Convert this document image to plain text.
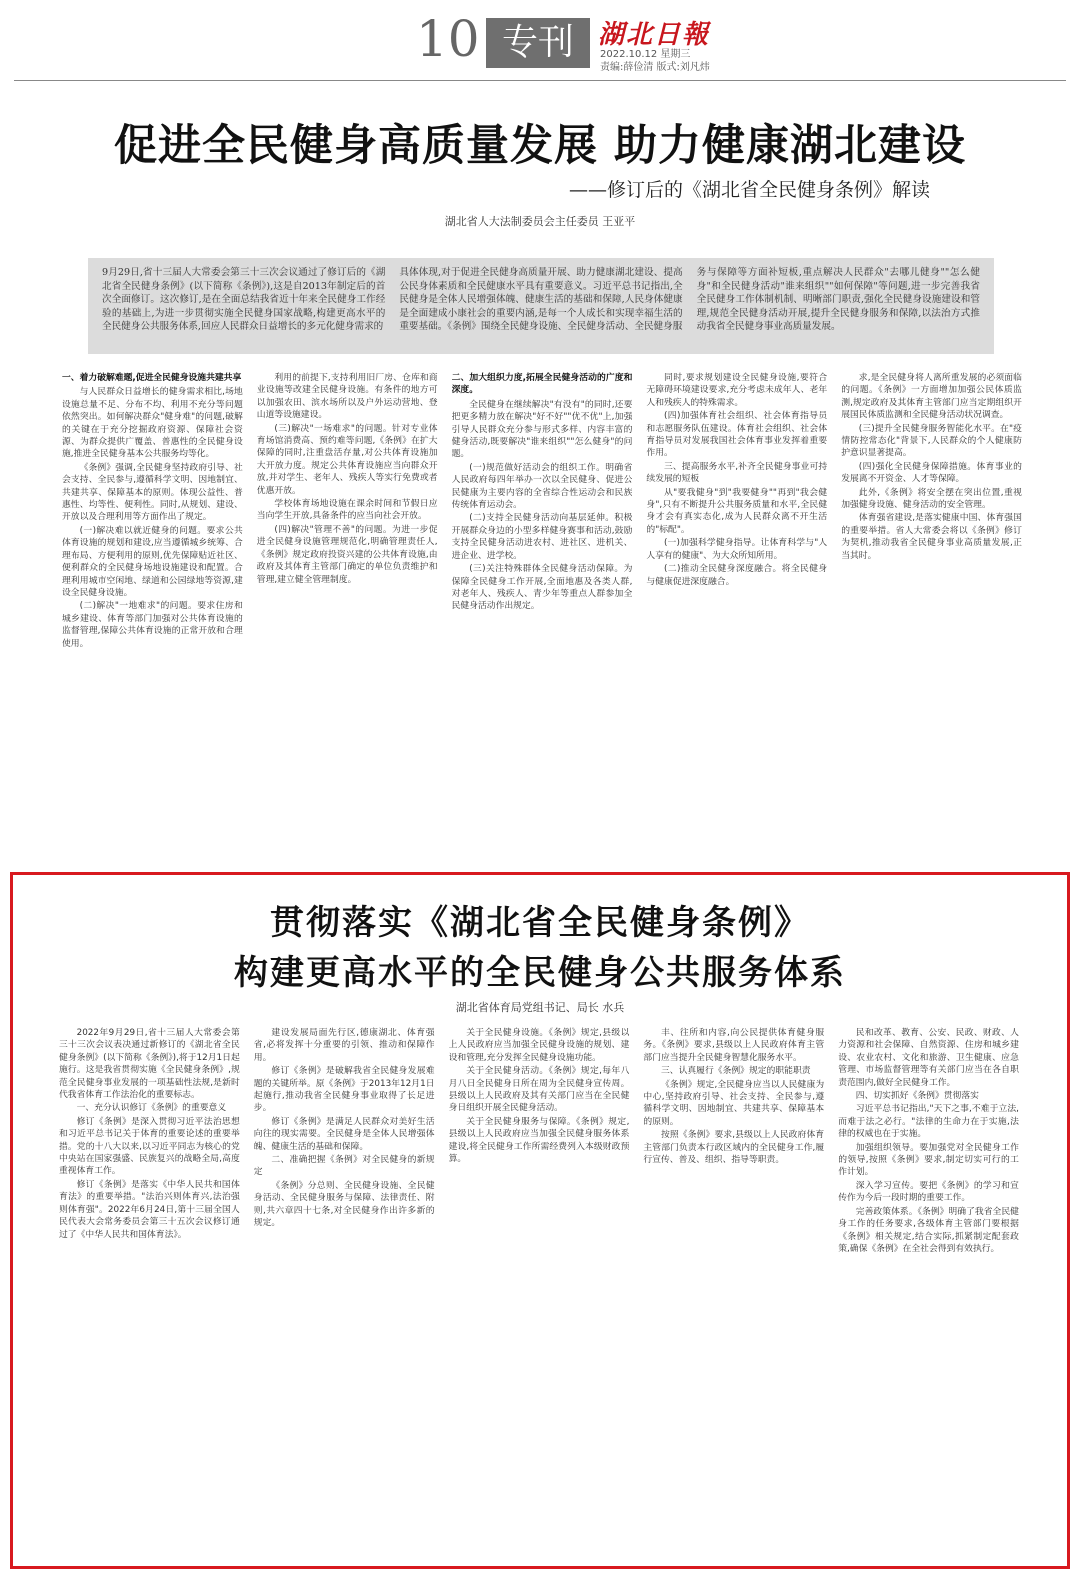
10 专刊 湖北日報
2022.10.12 星期三
责编:薛俭清 版式:刘凡炜
促进全民健身高质量发展 助力健康湖北建设
——修订后的《湖北省全民健身条例》解读
湖北省人大法制委员会主任委员 王亚平

9月29日,省十三届人大常委会第三十三次会议通过了修订后的《湖北省全民健身条例》(以下简称《条例》),这是自2013年制定后的首次全面修订。这次修订,是在全面总结我省近十年来全民健身工作经验的基础上,为进一步贯彻实施全民健身国家战略,构建更高水平的全民健身公共服务体系,回应人民群众日益增长的多元化健身需求的

具体体现,对于促进全民健身高质量开展、助力健康湖北建设、提高公民身体素质和全民健康水平具有重要意义。习近平总书记指出,全民健身是全体人民增强体魄、健康生活的基础和保障,人民身体健康是全面建成小康社会的重要内涵,是每一个人成长和实现幸福生活的重要基础。《条例》围绕全民健身设施、全民健身活动、全民健身服

务与保障等方面补短板,重点解决人民群众"去哪儿健身""怎么健身"和全民健身活动"谁来组织""如何保障"等问题,进一步完善我省全民健身工作体制机制、明晰部门职责,强化全民健身设施建设和管理,规范全民健身活动开展,提升全民健身服务和保障,以法治方式推动我省全民健身事业高质量发展。

一、着力破解难题,促进全民健身设施共建共享

与人民群众日益增长的健身需求相比,场地设施总量不足、分布不均、利用不充分等问题依然突出。如何解决群众"健身难"的问题,破解的关键在于充分挖掘政府资源、保障社会资源、为群众提供广覆盖、普惠性的全民健身设施,推进全民健身基本公共服务均等化。

《条例》强调,全民健身坚持政府引导、社会支持、全民参与,遵循科学文明、因地制宜、共建共享、保障基本的原则。体现公益性、普惠性、均等性、便利性。同时,从规划、建设、开放以及合理利用等方面作出了规定。

(一)解决难以就近健身的问题。要求公共体育设施的规划和建设,应当遵循城乡统筹、合理布局、方便利用的原则,优先保障贴近社区、便利群众的全民健身场地设施建设和配置。合理利用城市空闲地、绿道和公园绿地等资源,建设全民健身设施。

(二)解决"一地难求"的问题。要求住房和城乡建设、体育等部门加强对公共体育设施的监督管理,保障公共体育设施的正常开放和合理使用。

利用的前提下,支持利用旧厂房、仓库和商业设施等改建全民健身设施。有条件的地方可以加强农田、滨水场所以及户外运动营地、登山道等设施建设。

(三)解决"一场难求"的问题。针对专业体育场馆消费高、预约难等问题,《条例》在扩大保障的同时,注重盘活存量,对公共体育设施加大开放力度。规定公共体育设施应当向群众开放,并对学生、老年人、残疾人等实行免费或者优惠开放。

学校体育场地设施在课余时间和节假日应当向学生开放,具备条件的应当向社会开放。

(四)解决"管理不善"的问题。为进一步促进全民健身设施管理规范化,明确管理责任人,《条例》规定政府投资兴建的公共体育设施,由政府及其体育主管部门确定的单位负责维护和管理,建立健全管理制度。

二、加大组织力度,拓展全民健身活动的广度和深度。

全民健身在继续解决"有没有"的同时,还要把更多精力放在解决"好不好""优不优"上,加强引导人民群众充分参与形式多样、内容丰富的健身活动,既要解决"谁来组织""怎么健身"的问题。

(一)规范做好活动会的组织工作。明确省人民政府每四年举办一次以全民健身、促进公民健康为主要内容的全省综合性运动会和民族传统体育运动会。

(二)支持全民健身活动向基层延伸。积极开展群众身边的小型多样健身赛事和活动,鼓励支持全民健身活动进农村、进社区、进机关、进企业、进学校。

(三)关注特殊群体全民健身活动保障。为保障全民健身工作开展,全面地惠及各类人群,对老年人、残疾人、青少年等重点人群参加全民健身活动作出规定。

同时,要求规划建设全民健身设施,要符合无障碍环境建设要求,充分考虑未成年人、老年人和残疾人的特殊需求。

(四)加强体育社会组织、社会体育指导员和志愿服务队伍建设。体育社会组织、社会体育指导员对发展我国社会体育事业发挥着重要作用。

三、提高服务水平,补齐全民健身事业可持续发展的短板

从"要我健身"到"我要健身""再到"我会健身",只有不断提升公共服务质量和水平,全民健身才会有真实态化,成为人民群众离不开生活的"标配"。

(一)加强科学健身指导。让体育科学与"人人享有的健康"、为大众所知所用。

(二)推动全民健身深度融合。将全民健身与健康促进深度融合。

求,是全民健身将人离所重发展的必须面临的问题。《条例》一方面增加加强公民体质监测,规定政府及其体育主管部门应当定期组织开展国民体质监测和全民健身活动状况调查。

(三)提升全民健身服务智能化水平。在"疫情防控常态化"背景下,人民群众的个人健康防护意识显著提高。

(四)强化全民健身保障措施。体育事业的发展离不开资金、人才等保障。

此外,《条例》将安全摆在突出位置,重视加强健身设施、健身活动的安全管理。

体育强省建设,是落实健康中国、体育强国的重要举措。省人大常委会将以《条例》修订为契机,推动我省全民健身事业高质量发展,正当其时。

贯彻落实《湖北省全民健身条例》
构建更高水平的全民健身公共服务体系
湖北省体育局党组书记、局长 水兵

2022年9月29日,省十三届人大常委会第三十三次会议表决通过新修订的《湖北省全民健身条例》(以下简称《条例》),将于12月1日起施行。这是我省贯彻实施《全民健身条例》,规范全民健身事业发展的一项基础性法规,是新时代我省体育工作法治化的重要标志。

一、充分认识修订《条例》的重要意义

修订《条例》是深入贯彻习近平法治思想和习近平总书记关于体育的重要论述的重要举措。党的十八大以来,以习近平同志为核心的党中央站在国家强盛、民族复兴的战略全局,高度重视体育工作。

修订《条例》是落实《中华人民共和国体育法》的重要举措。"法治兴则体育兴,法治强则体育强"。2022年6月24日,第十三届全国人民代表大会常务委员会第三十五次会议修订通过了《中华人民共和国体育法》。

建设发展局面先行区,德康湖北、体育强省,必将发挥十分重要的引领、推动和保障作用。

修订《条例》是破解我省全民健身发展难题的关键所举。原《条例》于2013年12月1日起施行,推动我省全民健身事业取得了长足进步。

修订《条例》是满足人民群众对美好生活向往的现实需要。全民健身是全体人民增强体魄、健康生活的基础和保障。

二、准确把握《条例》对全民健身的新规定

《条例》分总则、全民健身设施、全民健身活动、全民健身服务与保障、法律责任、附则,共六章四十七条,对全民健身作出许多新的规定。

关于全民健身设施。《条例》规定,县级以上人民政府应当加强全民健身设施的规划、建设和管理,充分发挥全民健身设施功能。

关于全民健身活动。《条例》规定,每年八月八日全民健身日所在周为全民健身宣传周。县级以上人民政府及其有关部门应当在全民健身日组织开展全民健身活动。

关于全民健身服务与保障。《条例》规定,县级以上人民政府应当加强全民健身服务体系建设,将全民健身工作所需经费列入本级财政预算。

丰、往所和内容,向公民提供体育健身服务。《条例》要求,县级以上人民政府体育主管部门应当提升全民健身智慧化服务水平。

三、认真履行《条例》规定的职能职责

《条例》规定,全民健身应当以人民健康为中心,坚持政府引导、社会支持、全民参与,遵循科学文明、因地制宜、共建共享、保障基本的原则。

按照《条例》要求,县级以上人民政府体育主管部门负责本行政区域内的全民健身工作,履行宣传、普及、组织、指导等职责。

民和改革、教育、公安、民政、财政、人力资源和社会保障、自然资源、住房和城乡建设、农业农村、文化和旅游、卫生健康、应急管理、市场监督管理等有关部门应当在各自职责范围内,做好全民健身工作。

四、切实抓好《条例》贯彻落实

习近平总书记指出,"天下之事,不难于立法,而难于法之必行。"法律的生命力在于实施,法律的权威也在于实施。

加强组织领导。要加强党对全民健身工作的领导,按照《条例》要求,制定切实可行的工作计划。

深入学习宣传。要把《条例》的学习和宣传作为今后一段时期的重要工作。

完善政策体系。《条例》明确了我省全民健身工作的任务要求,各级体育主管部门要根据《条例》相关规定,结合实际,抓紧制定配套政策,确保《条例》在全社会得到有效执行。
